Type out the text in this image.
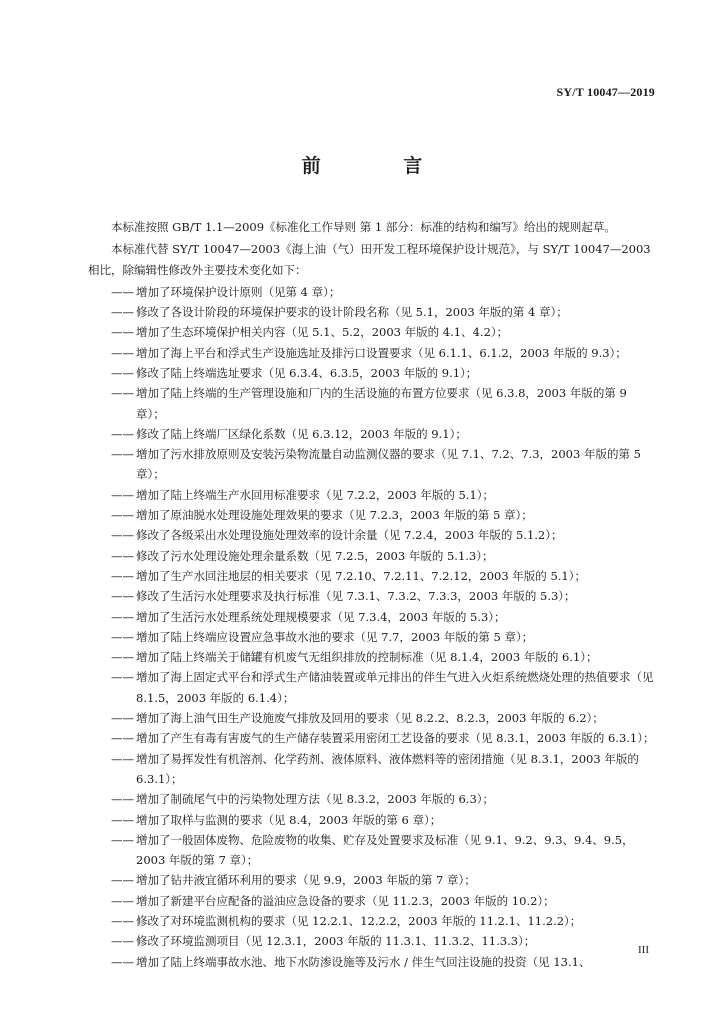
SY/T 10047—2019
前 言
本标准按照 GB/T 1.1—2009《标准化工作导则 第 1 部分：标准的结构和编写》给出的规则起草。
本标准代替 SY/T 10047—2003《海上油（气）田开发工程环境保护设计规范》，与 SY/T 10047—2003 相比，除编辑性修改外主要技术变化如下：
—— 增加了环境保护设计原则（见第 4 章）；
—— 修改了各设计阶段的环境保护要求的设计阶段名称（见 5.1，2003 年版的第 4 章）；
—— 增加了生态环境保护相关内容（见 5.1、5.2，2003 年版的 4.1、4.2）；
—— 增加了海上平台和浮式生产设施选址及排污口设置要求（见 6.1.1、6.1.2，2003 年版的 9.3）；
—— 修改了陆上终端选址要求（见 6.3.4、6.3.5，2003 年版的 9.1）；
—— 增加了陆上终端的生产管理设施和厂内的生活设施的布置方位要求（见 6.3.8，2003 年版的第 9 章）；
—— 修改了陆上终端厂区绿化系数（见 6.3.12，2003 年版的 9.1）；
—— 增加了污水排放原则及安装污染物流量自动监测仪器的要求（见 7.1、7.2、7.3，2003 年版的第 5 章）；
—— 增加了陆上终端生产水回用标准要求（见 7.2.2，2003 年版的 5.1）；
—— 增加了原油脱水处理设施处理效果的要求（见 7.2.3，2003 年版的第 5 章）；
—— 修改了各级采出水处理设施处理效率的设计余量（见 7.2.4，2003 年版的 5.1.2）；
—— 修改了污水处理设施处理余量系数（见 7.2.5，2003 年版的 5.1.3）；
—— 增加了生产水回注地层的相关要求（见 7.2.10、7.2.11、7.2.12，2003 年版的 5.1）；
—— 修改了生活污水处理要求及执行标准（见 7.3.1、7.3.2、7.3.3，2003 年版的 5.3）；
—— 增加了生活污水处理系统处理规模要求（见 7.3.4，2003 年版的 5.3）；
—— 增加了陆上终端应设置应急事故水池的要求（见 7.7，2003 年版的第 5 章）；
—— 增加了陆上终端关于储罐有机废气无组织排放的控制标准（见 8.1.4，2003 年版的 6.1）；
—— 增加了海上固定式平台和浮式生产储油装置或单元排出的伴生气进入火炬系统燃烧处理的热值要求（见 8.1.5，2003 年版的 6.1.4）；
—— 增加了海上油气田生产设施废气排放及回用的要求（见 8.2.2、8.2.3，2003 年版的 6.2）；
—— 增加了产生有毒有害废气的生产储存装置采用密闭工艺设备的要求（见 8.3.1，2003 年版的 6.3.1）；
—— 增加了易挥发性有机溶剂、化学药剂、液体原料、液体燃料等的密闭措施（见 8.3.1，2003 年版的 6.3.1）；
—— 增加了制硫尾气中的污染物处理方法（见 8.3.2，2003 年版的 6.3）；
—— 增加了取样与监测的要求（见 8.4，2003 年版的第 6 章）；
—— 增加了一般固体废物、危险废物的收集、贮存及处置要求及标准（见 9.1、9.2、9.3、9.4、9.5，2003 年版的第 7 章）；
—— 增加了钻井液宜循环利用的要求（见 9.9，2003 年版的第 7 章）；
—— 增加了新建平台应配备的溢油应急设备的要求（见 11.2.3，2003 年版的 10.2）；
—— 修改了对环境监测机构的要求（见 12.2.1、12.2.2，2003 年版的 11.2.1、11.2.2）；
—— 修改了环境监测项目（见 12.3.1，2003 年版的 11.3.1、11.3.2、11.3.3）；
—— 增加了陆上终端事故水池、地下水防渗设施等及污水 / 伴生气回注设施的投资（见 13.1、
III
